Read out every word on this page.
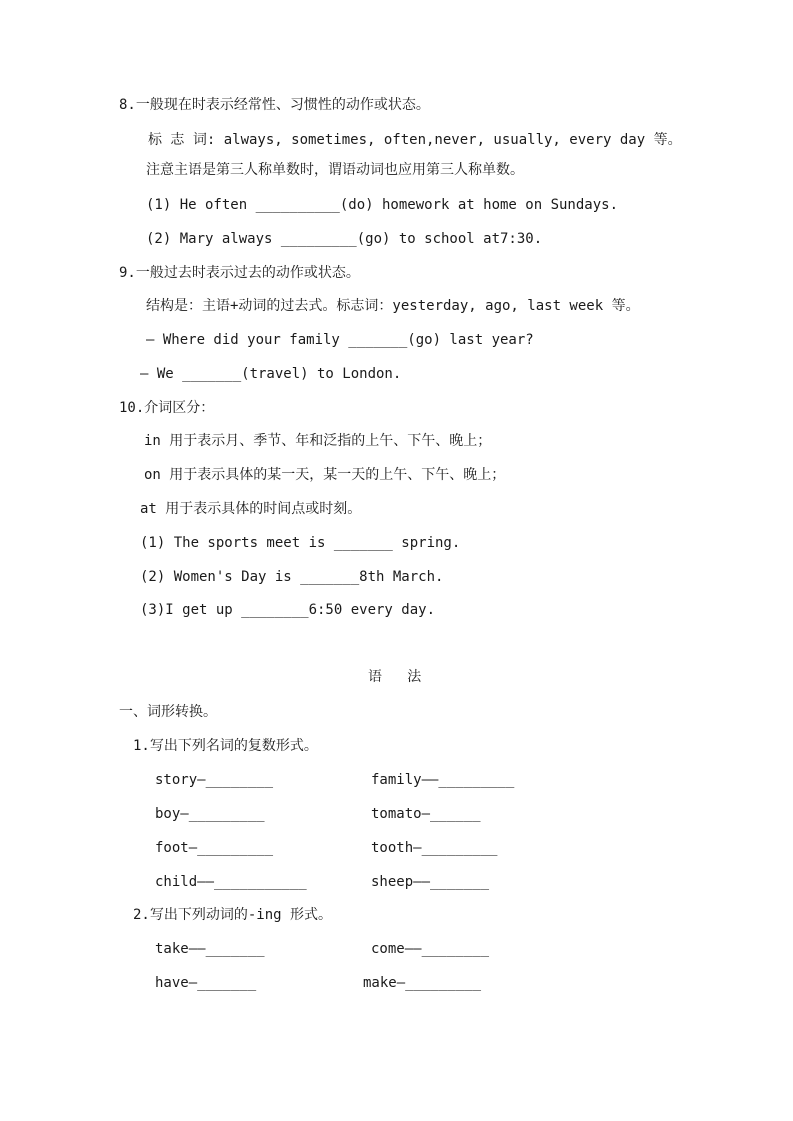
8.一般现在时表示经常性、习惯性的动作或状态。
标 志 词: always, sometimes, often,never, usually, every day 等。
注意主语是第三人称单数时，谓语动词也应用第三人称单数。
(1) He often __________(do) homework at home on Sundays.
(2) Mary always _________(go) to school at7:30.
9.一般过去时表示过去的动作或状态。
结构是：主语+动词的过去式。标志词：yesterday, ago, last week 等。
— Where did your family _______(go) last year?
— We _______(travel) to London.
10.介词区分：
in 用于表示月、季节、年和泛指的上午、下午、晚上；
on 用于表示具体的某一天，某一天的上午、下午、晚上；
at 用于表示具体的时间点或时刻。
(1) The sports meet is _______ spring.
(2) Women's Day is _______8th March.
(3)I get up ________6:50 every day.
语   法
一、词形转换。
1.写出下列名词的复数形式。
story—________	family——_________
boy—_________	tomato—______
foot—_________	tooth—_________
child——___________	sheep——_______
2.写出下列动词的-ing 形式。
take——_______	come——________
have—_______	make—_________
